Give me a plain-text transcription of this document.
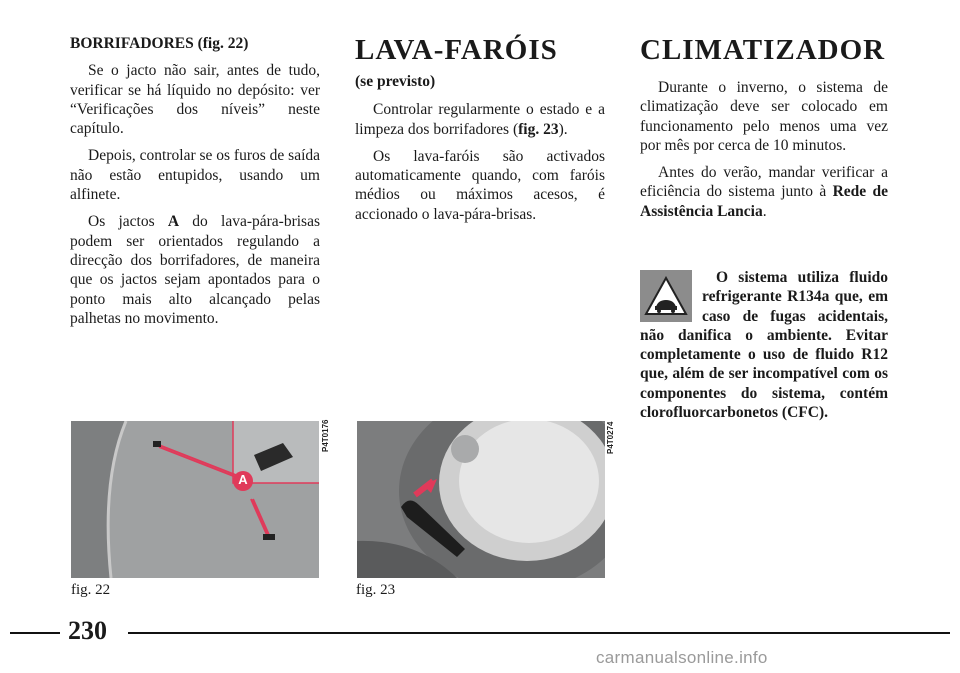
BORRIFADORES (fig. 22)

Se o jacto não sair, antes de tudo, verificar se há líquido no depósito: ver “Verificações dos níveis” neste capítulo.

Depois, controlar se os furos de saída não estão entupidos, usando um alfinete.

Os jactos A do lava-pára-brisas podem ser orientados regulando a direcção dos borrifadores, de maneira que os jactos sejam apontados para o ponto mais alto alcançado pelas palhetas no movimento.

LAVA-FARÓIS
(se previsto)

Controlar regularmente o estado e a limpeza dos borrifadores (fig. 23).

Os lava-faróis são activados automaticamente quando, com faróis médios ou máximos acesos, é accionado o lava-pára-brisas.

CLIMATIZADOR

Durante o inverno, o sistema de climatização deve ser colocado em funcionamento pelo menos uma vez por mês por cerca de 10 minutos.

Antes do verão, mandar verificar a eficiência do sistema junto à Rede de Assistência Lancia.

O sistema utiliza fluido refrigerante R134a que, em caso de fugas acidentais, não danifica o ambiente. Evitar completamente o uso de fluido R12 que, além de ser incompatível com os componentes do sistema, contém clorofluorcarbonetos (CFC).

A
P4T0176
fig. 22
P4T0274
fig. 23
230
carmanualsonline.info
